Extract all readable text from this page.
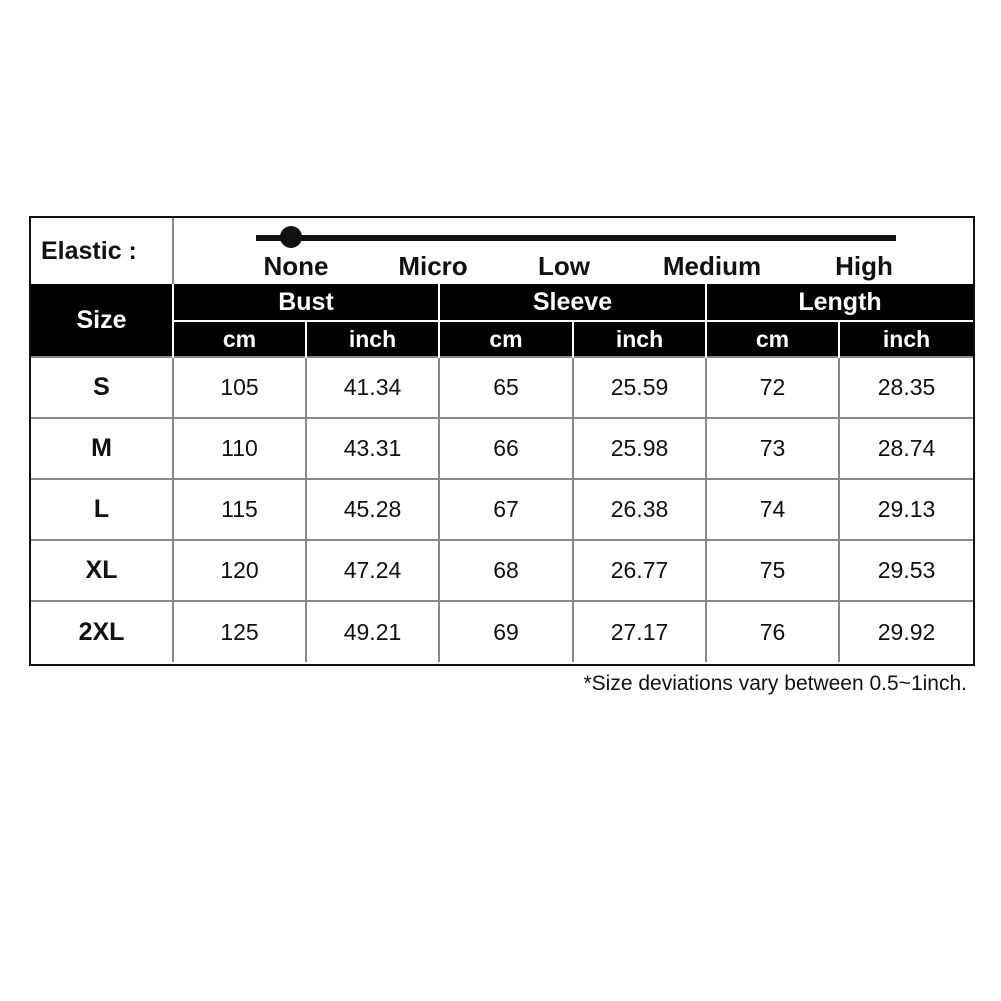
Elastic :	None Micro Low Medium High					

Size	Bust		Sleeve		Length	
	cm	inch	cm	inch	cm	inch
S	105	41.34	65	25.59	72	28.35
M	110	43.31	66	25.98	73	28.74
L	115	45.28	67	26.38	74	29.13
XL	120	47.24	68	26.77	75	29.53
2XL	125	49.21	69	27.17	76	29.92
*Size deviations vary between 0.5~1inch.
